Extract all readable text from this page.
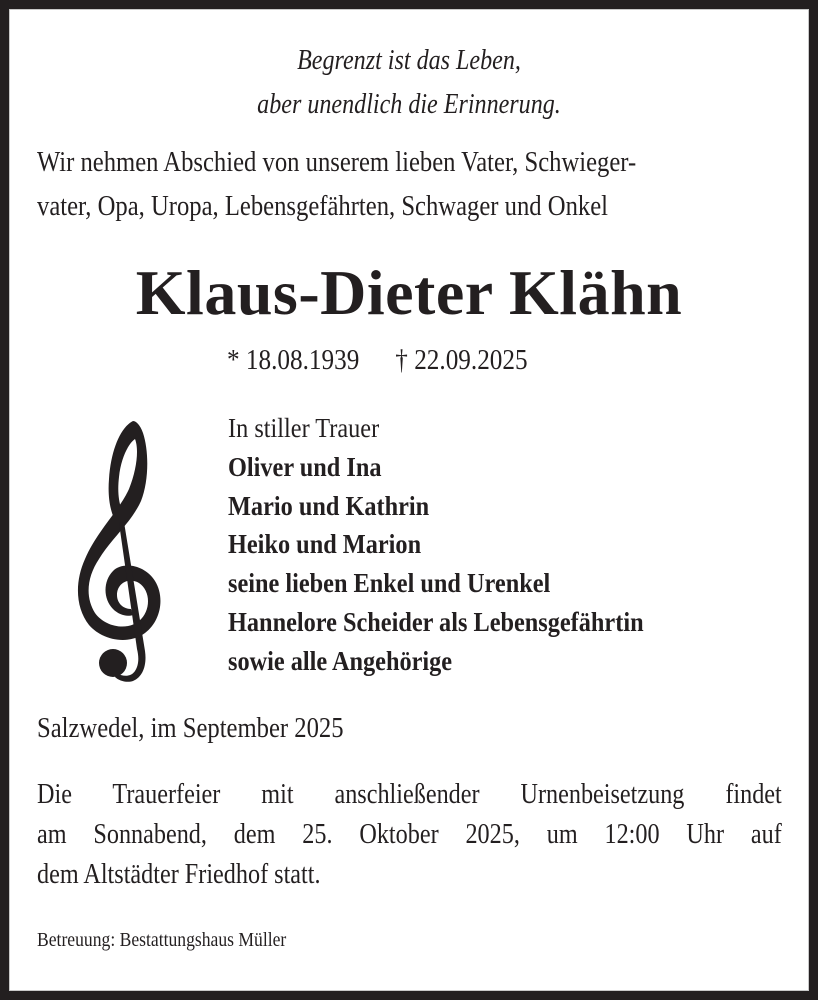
Begrenzt ist das Leben,
aber unendlich die Erinnerung.
Wir nehmen Abschied von unserem lieben Vater, Schwieger-
vater, Opa, Uropa, Lebensgefährten, Schwager und Onkel
Klaus-Dieter Klähn
* 18.08.1939 † 22.09.2025
In stiller Trauer
Oliver und Ina
Mario und Kathrin
Heiko und Marion
seine lieben Enkel und Urenkel
Hannelore Scheider als Lebensgefährtin
sowie alle Angehörige
Salzwedel, im September 2025
Die Trauerfeier mit anschließender Urnenbeisetzung findet
am Sonnabend, dem 25. Oktober 2025, um 12:00 Uhr auf
dem Altstädter Friedhof statt.
Betreuung: Bestattungshaus Müller
